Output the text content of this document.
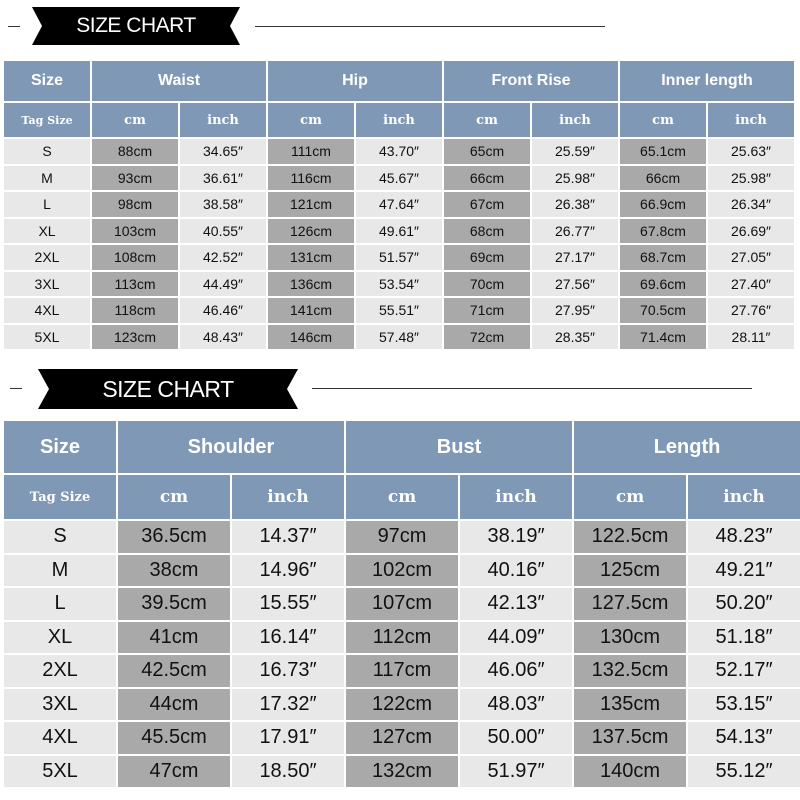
SIZE CHART
Size	Waist		Hip		Front Rise		Inner length	
Tag Size	cm	inch	cm	inch	cm	inch	cm	inch
S	88cm	34.65″	111cm	43.70″	65cm	25.59″	65.1cm	25.63″
M	93cm	36.61″	116cm	45.67″	66cm	25.98″	66cm	25.98″
L	98cm	38.58″	121cm	47.64″	67cm	26.38″	66.9cm	26.34″
XL	103cm	40.55″	126cm	49.61″	68cm	26.77″	67.8cm	26.69″
2XL	108cm	42.52″	131cm	51.57″	69cm	27.17″	68.7cm	27.05″
3XL	113cm	44.49″	136cm	53.54″	70cm	27.56″	69.6cm	27.40″
4XL	118cm	46.46″	141cm	55.51″	71cm	27.95″	70.5cm	27.76″
5XL	123cm	48.43″	146cm	57.48″	72cm	28.35″	71.4cm	28.11″
SIZE CHART
Size	Shoulder		Bust		Length	
Tag Size	cm	inch	cm	inch	cm	inch
S	36.5cm	14.37″	97cm	38.19″	122.5cm	48.23″
M	38cm	14.96″	102cm	40.16″	125cm	49.21″
L	39.5cm	15.55″	107cm	42.13″	127.5cm	50.20″
XL	41cm	16.14″	112cm	44.09″	130cm	51.18″
2XL	42.5cm	16.73″	117cm	46.06″	132.5cm	52.17″
3XL	44cm	17.32″	122cm	48.03″	135cm	53.15″
4XL	45.5cm	17.91″	127cm	50.00″	137.5cm	54.13″
5XL	47cm	18.50″	132cm	51.97″	140cm	55.12″
